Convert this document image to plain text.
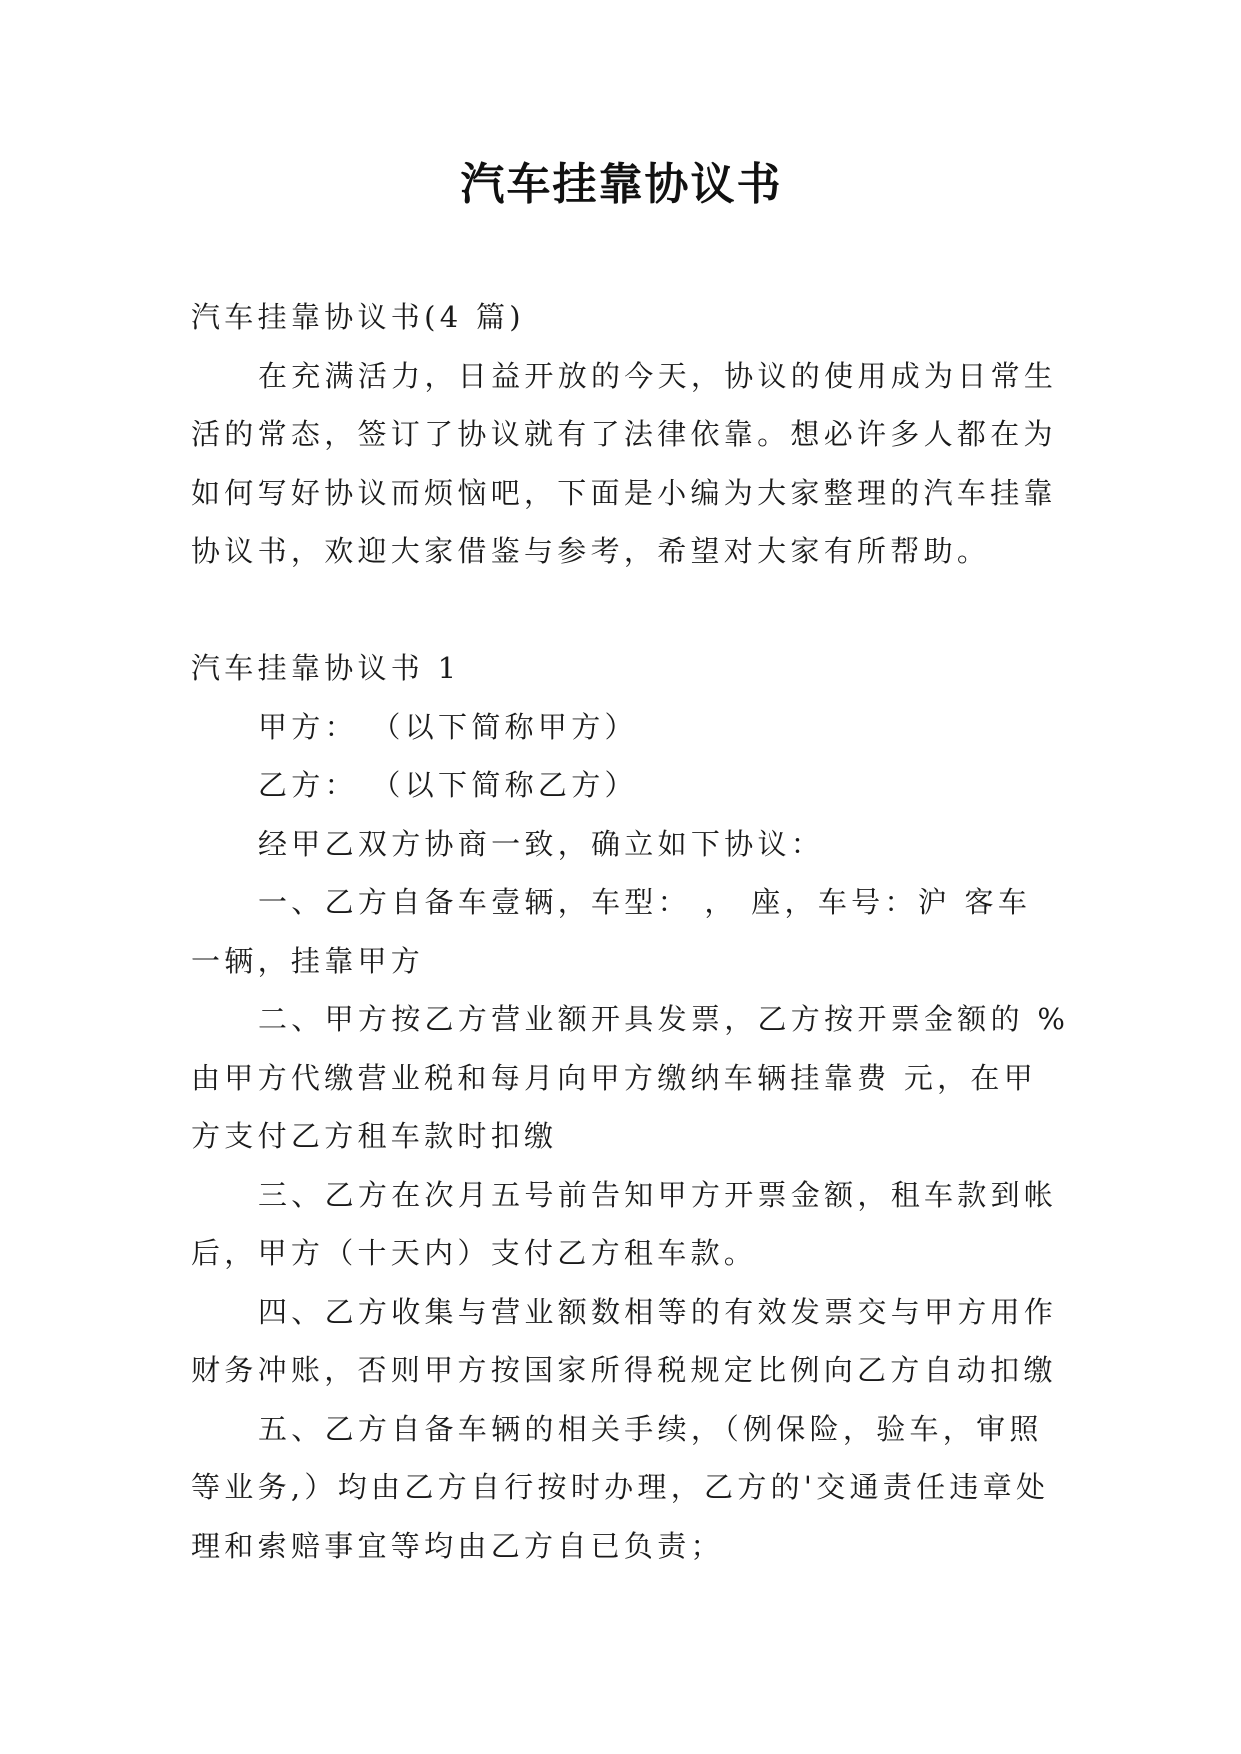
汽车挂靠协议书
汽车挂靠协议书(4 篇)
在充满活力，日益开放的今天，协议的使用成为日常生
活的常态，签订了协议就有了法律依靠。想必许多人都在为
如何写好协议而烦恼吧，下面是小编为大家整理的汽车挂靠
协议书，欢迎大家借鉴与参考，希望对大家有所帮助。
汽车挂靠协议书 1
甲方： （以下简称甲方）
乙方： （以下简称乙方）
经甲乙双方协商一致，确立如下协议：
一、乙方自备车壹辆，车型： ， 座，车号：沪 客车
一辆，挂靠甲方
二、甲方按乙方营业额开具发票，乙方按开票金额的 %
由甲方代缴营业税和每月向甲方缴纳车辆挂靠费 元，在甲
方支付乙方租车款时扣缴
三、乙方在次月五号前告知甲方开票金额，租车款到帐
后，甲方（十天内）支付乙方租车款。
四、乙方收集与营业额数相等的有效发票交与甲方用作
财务冲账，否则甲方按国家所得税规定比例向乙方自动扣缴
五、乙方自备车辆的相关手续，（例保险，验车，审照
等业务,）均由乙方自行按时办理，乙方的'交通责任违章处
理和索赔事宜等均由乙方自已负责；
